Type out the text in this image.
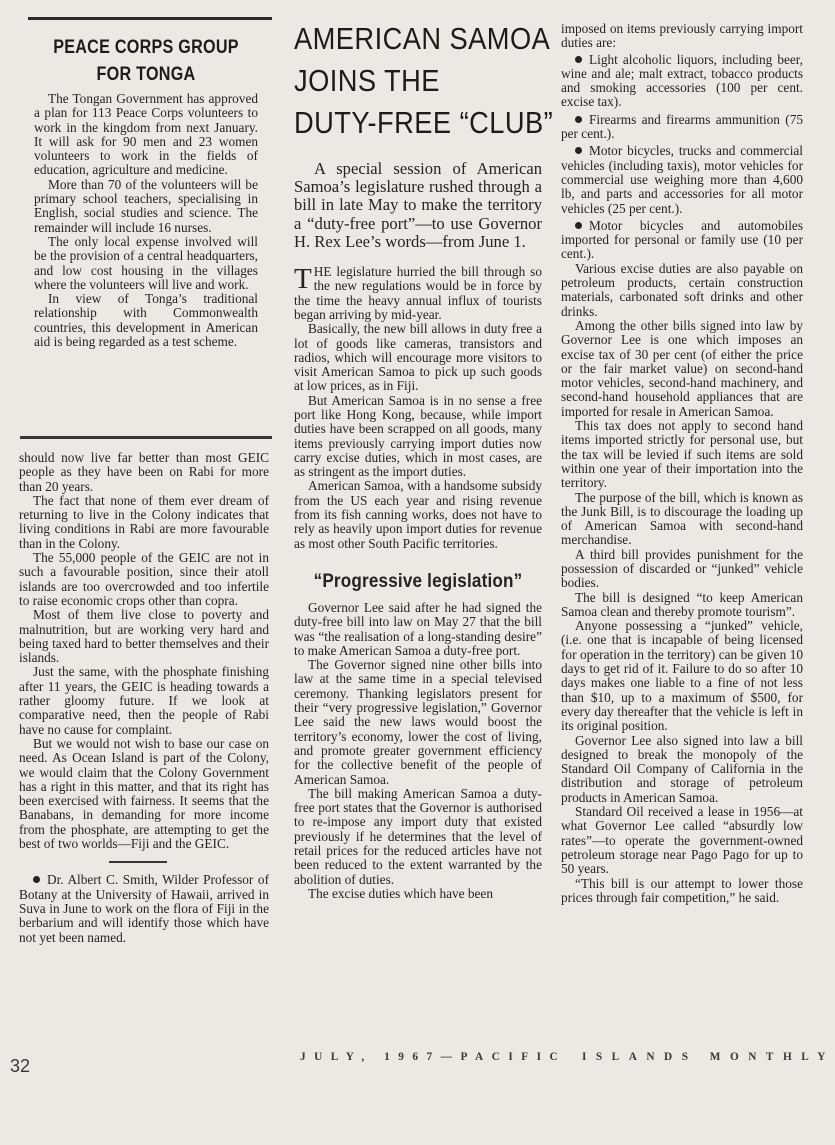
PEACE CORPS GROUP
FOR TONGA

The Tongan Government has approved a plan for 113 Peace Corps volunteers to work in the kingdom from next January. It will ask for 90 men and 23 women volunteers to work in the fields of education, agriculture and medicine.

More than 70 of the volunteers will be primary school teachers, specialising in English, social studies and science. The remainder will include 16 nurses.

The only local expense involved will be the provision of a central headquarters, and low cost housing in the villages where the volunteers will live and work.

In view of Tonga’s traditional relationship with Commonwealth countries, this development in American aid is being regarded as a test scheme.

should now live far better than most GEIC people as they have been on Rabi for more than 20 years.

The fact that none of them ever dream of returning to live in the Colony indicates that living conditions in Rabi are more favourable than in the Colony.

The 55,000 people of the GEIC are not in such a favourable position, since their atoll islands are too overcrowded and too infertile to raise economic crops other than copra.

Most of them live close to poverty and malnutrition, but are working very hard and being taxed hard to better themselves and their islands.

Just the same, with the phosphate finishing after 11 years, the GEIC is heading towards a rather gloomy future. If we look at comparative need, then the people of Rabi have no cause for complaint.

But we would not wish to base our case on need. As Ocean Island is part of the Colony, we would claim that the Colony Government has a right in this matter, and that its right has been exercised with fairness. It seems that the Banabans, in demanding for more income from the phosphate, are attempting to get the best of two worlds—Fiji and the GEIC.

Dr. Albert C. Smith, Wilder Professor of Botany at the University of Hawaii, arrived in Suva in June to work on the flora of Fiji in the berbarium and will identify those which have not yet been named.

AMERICAN SAMOA
JOINS THE
DUTY-FREE “CLUB”

A special session of American Samoa’s legislature rushed through a bill in late May to make the territory a “duty-free port”—to use Governor H. Rex Lee’s words—from June 1.

THE legislature hurried the bill through so the new regulations would be in force by the time the heavy annual influx of tourists began arriving by mid-year.

Basically, the new bill allows in duty free a lot of goods like cameras, transistors and radios, which will encourage more visitors to visit American Samoa to pick up such goods at low prices, as in Fiji.

But American Samoa is in no sense a free port like Hong Kong, because, while import duties have been scrapped on all goods, many items previously carrying import duties now carry excise duties, which in most cases, are as stringent as the import duties.

American Samoa, with a handsome subsidy from the US each year and rising revenue from its fish canning works, does not have to rely as heavily upon import duties for revenue as most other South Pacific territories.

“Progressive legislation”

Governor Lee said after he had signed the duty-free bill into law on May 27 that the bill was “the realisation of a long-standing desire” to make American Samoa a duty-free port.

The Governor signed nine other bills into law at the same time in a special televised ceremony. Thanking legislators present for their “very progressive legislation,” Governor Lee said the new laws would boost the territory’s economy, lower the cost of living, and promote greater government efficiency for the collective benefit of the people of American Samoa.

The bill making American Samoa a duty-free port states that the Governor is authorised to re-impose any import duty that existed previously if he determines that the level of retail prices for the reduced articles have not been reduced to the extent warranted by the abolition of duties.

The excise duties which have been

imposed on items previously carrying import duties are:

Light alcoholic liquors, including beer, wine and ale; malt extract, tobacco products and smoking accessories (100 per cent. excise tax).

Firearms and firearms ammunition (75 per cent.).

Motor bicycles, trucks and commercial vehicles (including taxis), motor vehicles for commercial use weighing more than 4,600 lb, and parts and accessories for all motor vehicles (25 per cent.).

Motor bicycles and automobiles imported for personal or family use (10 per cent.).

Various excise duties are also payable on petroleum products, certain construction materials, carbonated soft drinks and other drinks.

Among the other bills signed into law by Governor Lee is one which imposes an excise tax of 30 per cent (of either the price or the fair market value) on second-hand motor vehicles, second-hand machinery, and second-hand household appliances that are imported for resale in American Samoa.

This tax does not apply to second hand items imported strictly for personal use, but the tax will be levied if such items are sold within one year of their importation into the territory.

The purpose of the bill, which is known as the Junk Bill, is to discourage the loading up of American Samoa with second-hand merchandise.

A third bill provides punishment for the possession of discarded or “junked” vehicle bodies.

The bill is designed “to keep American Samoa clean and thereby promote tourism”.

Anyone possessing a “junked” vehicle, (i.e. one that is incapable of being licensed for operation in the territory) can be given 10 days to get rid of it. Failure to do so after 10 days makes one liable to a fine of not less than $10, up to a maximum of $500, for every day thereafter that the vehicle is left in its original position.

Governor Lee also signed into law a bill designed to break the monopoly of the Standard Oil Company of California in the distribution and storage of petroleum products in American Samoa.

Standard Oil received a lease in 1956—at what Governor Lee called “absurdly low rates”—to operate the government-owned petroleum storage near Pago Pago for up to 50 years.

“This bill is our attempt to lower those prices through fair competition,” he said.

32	JULY, 1967—PACIFIC ISLANDS MONTHLY
